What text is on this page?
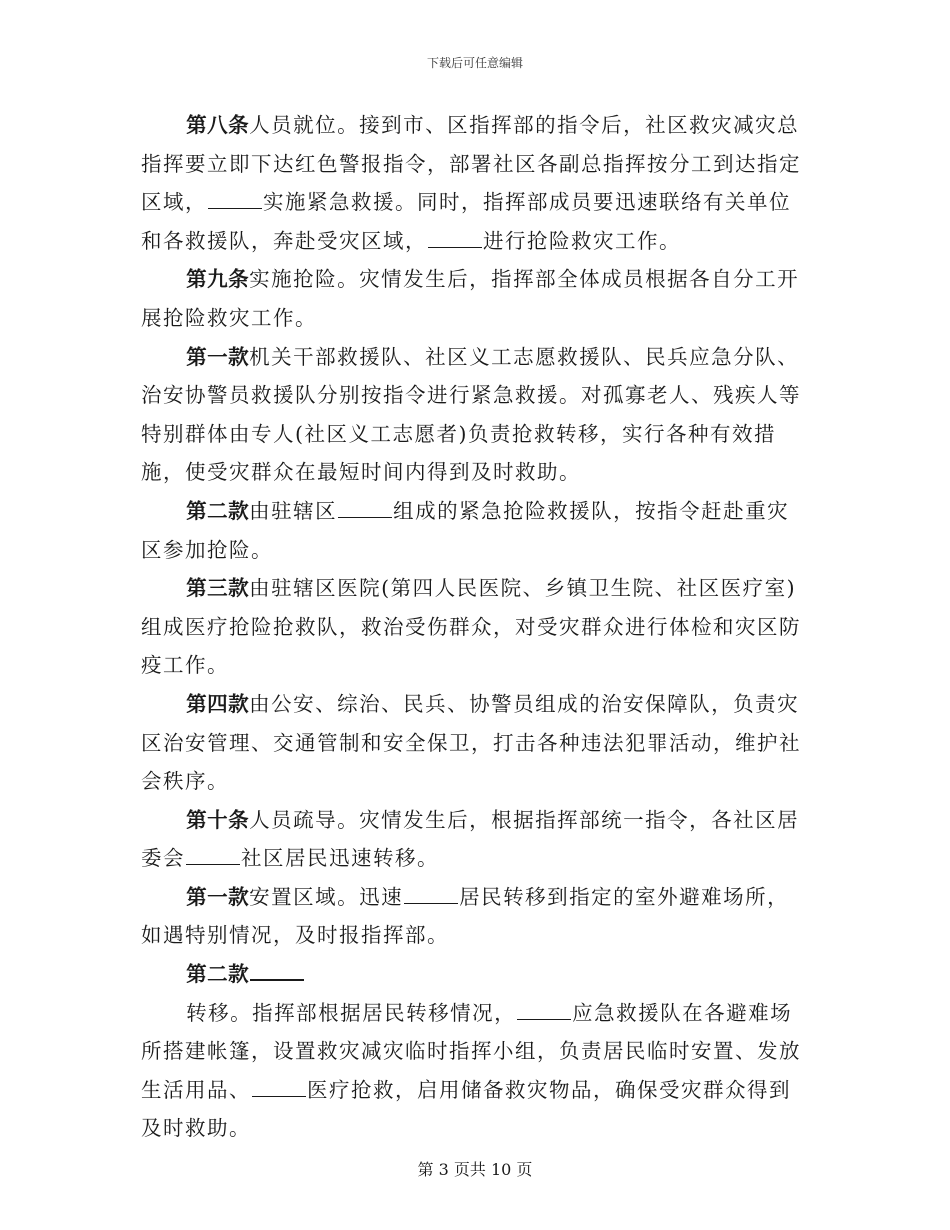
下载后可任意编辑

第八条人员就位。接到市、区指挥部的指令后，社区救灾减灾总指挥要立即下达红色警报指令，部署社区各副总指挥按分工到达指定区域，	实施紧急救援。同时，指挥部成员要迅速联络有关单位和各救援队，奔赴受灾区域，	进行抢险救灾工作。

第九条实施抢险。灾情发生后，指挥部全体成员根据各自分工开展抢险救灾工作。

第一款机关干部救援队、社区义工志愿救援队、民兵应急分队、治安协警员救援队分别按指令进行紧急救援。对孤寡老人、残疾人等特别群体由专人(社区义工志愿者)负责抢救转移，实行各种有效措施，使受灾群众在最短时间内得到及时救助。

第二款由驻辖区	组成的紧急抢险救援队，按指令赶赴重灾区参加抢险。

第三款由驻辖区医院(第四人民医院、乡镇卫生院、社区医疗室)组成医疗抢险抢救队，救治受伤群众，对受灾群众进行体检和灾区防疫工作。

第四款由公安、综治、民兵、协警员组成的治安保障队，负责灾区治安管理、交通管制和安全保卫，打击各种违法犯罪活动，维护社会秩序。

第十条人员疏导。灾情发生后，根据指挥部统一指令，各社区居委会	社区居民迅速转移。

第一款安置区域。迅速	居民转移到指定的室外避难场所，如遇特别情况，及时报指挥部。

第二款

转移。指挥部根据居民转移情况，	应急救援队在各避难场所搭建帐篷，设置救灾减灾临时指挥小组，负责居民临时安置、发放生活用品、	医疗抢救，启用储备救灾物品，确保受灾群众得到及时救助。

第 3 页共 10 页
